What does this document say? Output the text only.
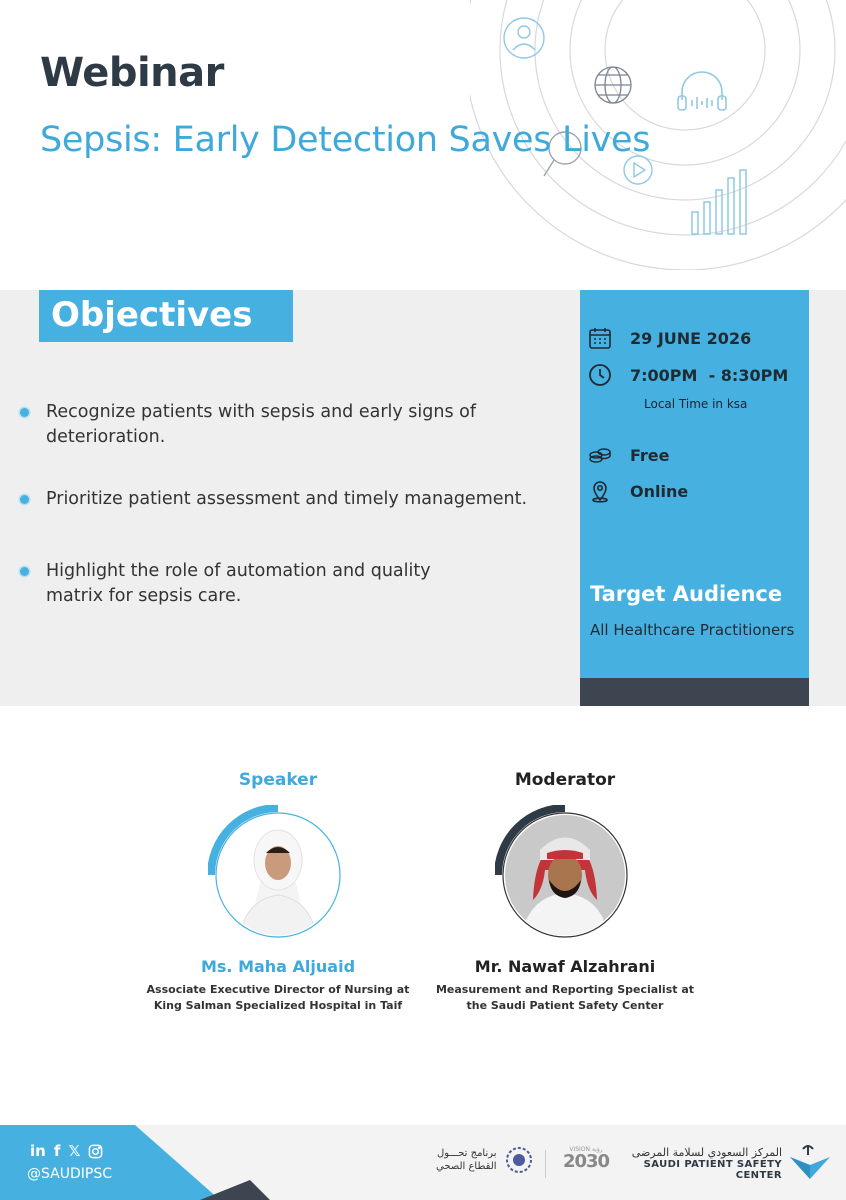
Webinar
Sepsis: Early Detection Saves Lives
Objectives
Recognize patients with sepsis and early signs of deterioration.
Prioritize patient assessment and timely management.
Highlight the role of automation and quality matrix for sepsis care.
29 JUNE 2026
7:00PM  - 8:30PM
Local Time in ksa
Free
Online
Target Audience
All Healthcare Practitioners
Speaker
Ms. Maha Aljuaid
Associate Executive Director of Nursing at
King Salman Specialized Hospital in Taif
Moderator
Mr. Nawaf Alzahrani
Measurement and Reporting Specialist at
the Saudi Patient Safety Center
in f 𝕏
@SAUDIPSC
برنامج تحـــول
القطاع الصحي
VISION رؤية
2030 المركز السعودي لسلامة المرضى
SAUDI PATIENT SAFETY CENTER
